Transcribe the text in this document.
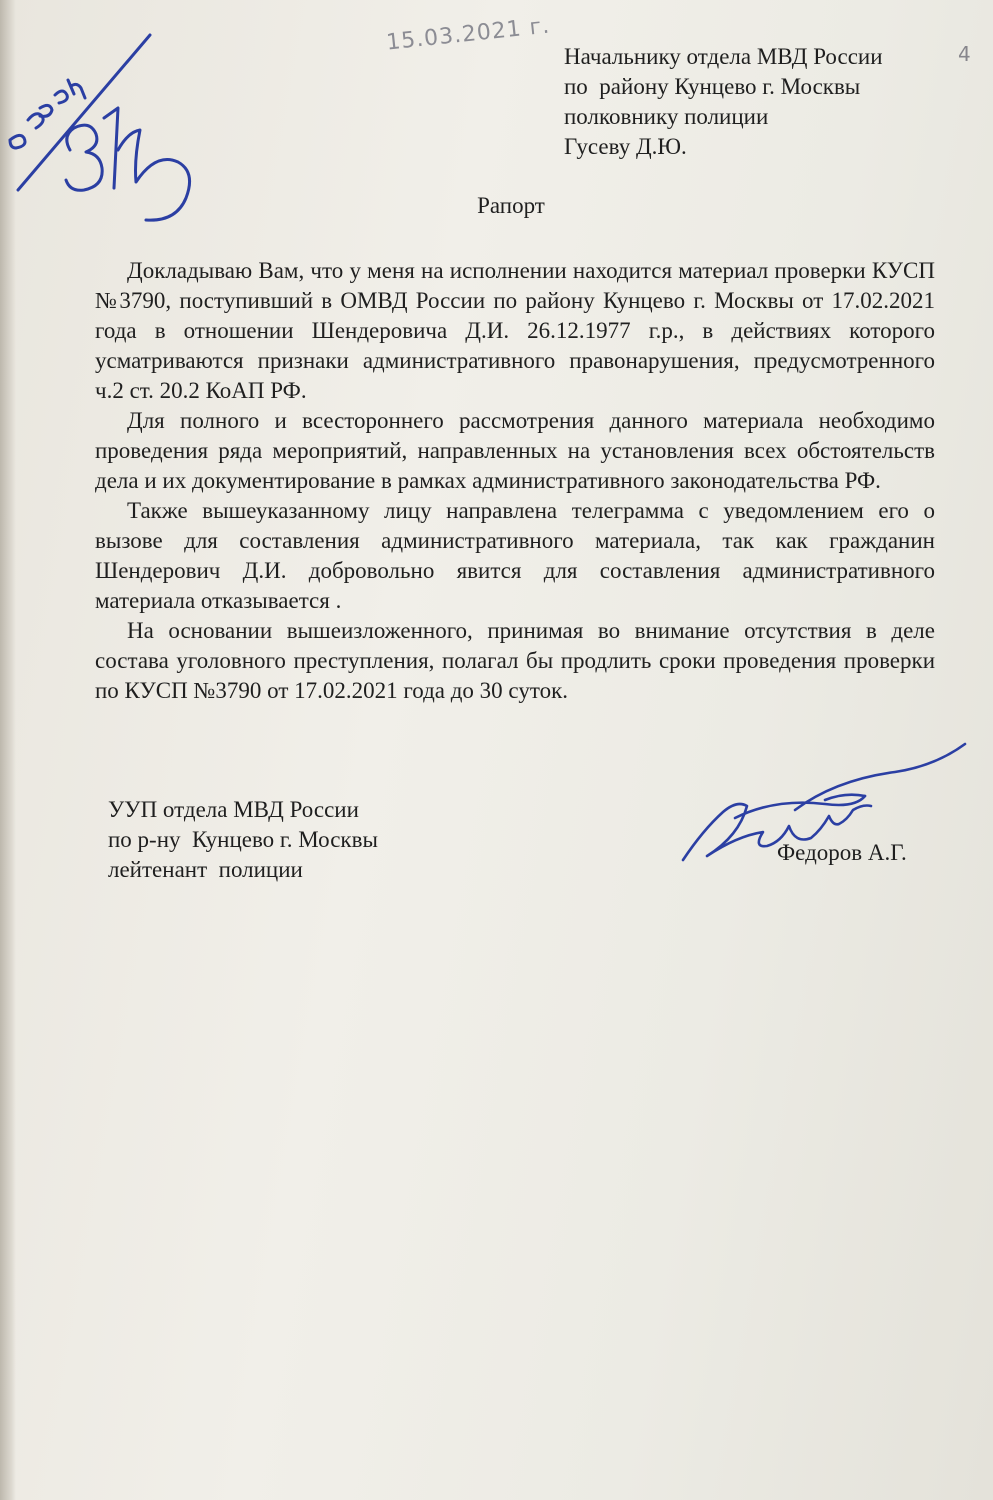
15.03.2021 г.	4
Начальнику отдела МВД России
по  району Кунцево г. Москвы
полковнику полиции
Гусеву Д.Ю.
Рапорт

Докладываю Вам, что у меня на исполнении находится материал проверки КУСП №3790, поступивший в ОМВД России по району Кунцево г. Москвы от 17.02.2021 года в отношении Шендеровича Д.И. 26.12.1977 г.р., в действиях которого усматриваются признаки административного правонарушения, предусмотренного ч.2 ст. 20.2 КоАП РФ.

Для полного и всестороннего рассмотрения данного материала необходимо проведения ряда мероприятий, направленных на установления всех обстоятельств дела и их документирование в рамках административного законодательства РФ.

Также вышеуказанному лицу направлена телеграмма с уведомлением его о вызове для составления административного материала, так как гражданин Шендерович Д.И. добровольно явится для составления административного материала отказывается .

На основании вышеизложенного, принимая во внимание отсутствия в деле состава уголовного преступления, полагал бы продлить сроки проведения проверки по КУСП №3790 от 17.02.2021 года до 30 суток.

УУП отдела МВД России
по р-ну  Кунцево г. Москвы
лейтенант  полиции
Федоров А.Г.
